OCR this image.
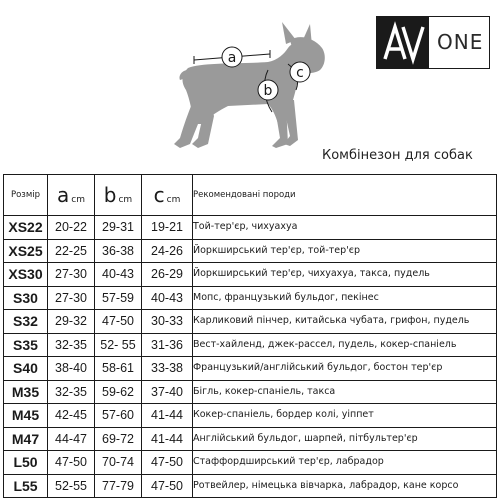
a
b
c
ONE
Комбінезон для собак
Розмір	a cm	b cm	c cm	Рекомендовані породи
XS22	20-22	29-31	19-21	Той-тер'єр, чихуахуа
XS25	22-25	36-38	24-26	Йоркширський тер'єр, той-тер'єр
XS30	27-30	40-43	26-29	Йоркширський тер'єр, чихуахуа, такса, пудель
S30	27-30	57-59	40-43	Мопс, французький бульдог, пекінес
S32	29-32	47-50	30-33	Карликовий пінчер, китайська чубата, грифон, пудель
S35	32-35	52- 55	31-36	Вест-хайленд, джек-рассел, пудель, кокер-спаніель
S40	38-40	58-61	33-38	Французький/англійський бульдог, бостон тер'єр
M35	32-35	59-62	37-40	Бігль, кокер-спаніель, такса
M45	42-45	57-60	41-44	Кокер-спаніель, бордер колі, уіппет
M47	44-47	69-72	41-44	Англійський бульдог, шарпей, пітбультер'єр
L50	47-50	70-74	47-50	Стаффордширський тер'єр, лабрадор
L55	52-55	77-79	47-50	Ротвейлер, німецька вівчарка, лабрадор, кане корсо
